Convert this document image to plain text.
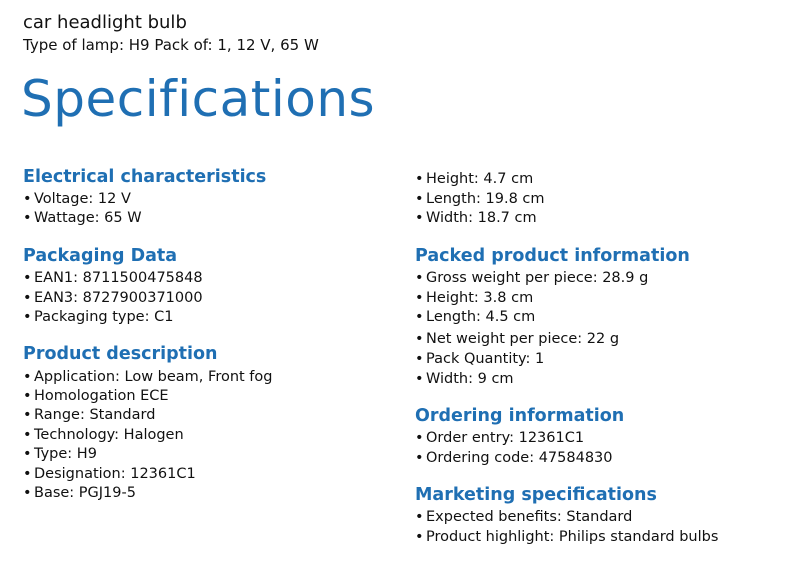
car headlight bulb
Type of lamp: H9 Pack of: 1, 12 V, 65 W
Specifications
Electrical characteristics
• Voltage: 12 V
• Wattage: 65 W
Packaging Data
• EAN1: 8711500475848
• EAN3: 8727900371000
• Packaging type: C1
Product description
• Application: Low beam, Front fog
• Homologation ECE
• Range: Standard
• Technology: Halogen
• Type: H9
• Designation: 12361C1
• Base: PGJ19-5
• Height: 4.7 cm
• Length: 19.8 cm
• Width: 18.7 cm
Packed product information
• Gross weight per piece: 28.9 g
• Height: 3.8 cm
• Length: 4.5 cm
• Net weight per piece: 22 g
• Pack Quantity: 1
• Width: 9 cm
Ordering information
• Order entry: 12361C1
• Ordering code: 47584830
Marketing specifications
• Expected benefits: Standard
• Product highlight: Philips standard bulbs
